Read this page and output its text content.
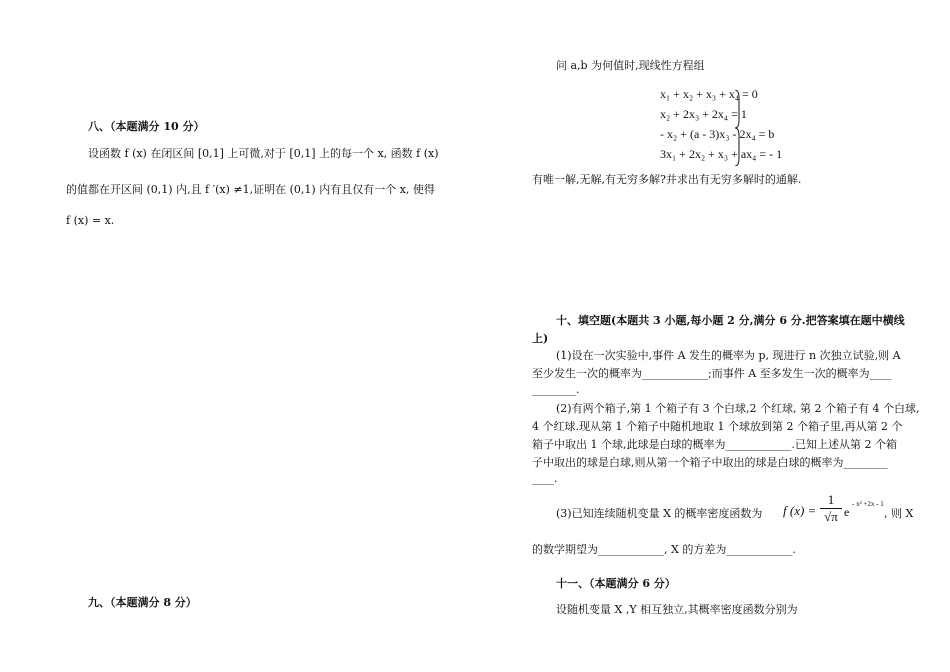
八、（本题满分 10 分）
设函数 f (x) 在闭区间 [0,1] 上可微,对于 [0,1] 上的每一个 x, 函数 f (x)
的值都在开区间 (0,1) 内,且 f ′(x) ≠1,证明在 (0,1) 内有且仅有一个 x, 使得
f (x) = x.
九、（本题满分 8 分）
问 a,b 为何值时,现线性方程组
x₁ + x₂ + x₃ + x₄ = 0
x₂ + 2x₃ + 2x₄ = 1
- x₂ + (a - 3)x₃ - 2x₄ = b
3x₁ + 2x₂ + x₃ + ax₄ = - 1
有唯一解,无解,有无穷多解?并求出有无穷多解时的通解.
十、填空题(本题共 3 小题,每小题 2 分,满分 6 分.把答案填在题中横线
上)
(1)设在一次实验中,事件 A 发生的概率为 p, 现进行 n 次独立试验,则 A
至少发生一次的概率为____________;而事件 A 至多发生一次的概率为____
________.
(2)有两个箱子,第 1 个箱子有 3 个白球,2 个红球, 第 2 个箱子有 4 个白球,
4 个红球.现从第 1 个箱子中随机地取 1 个球放到第 2 个箱子里,再从第 2 个
箱子中取出 1 个球,此球是白球的概率为____________.已知上述从第 2 个箱
子中取出的球是白球,则从第一个箱子中取出的球是白球的概率为________
____.
(3)已知连续随机变量 X 的概率密度函数为 f (x) =
1
√π e
- x² +2x - 1
, 则 X
的数学期望为____________, X 的方差为____________.
十一、（本题满分 6 分）
设随机变量 X ,Y 相互独立,其概率密度函数分别为
